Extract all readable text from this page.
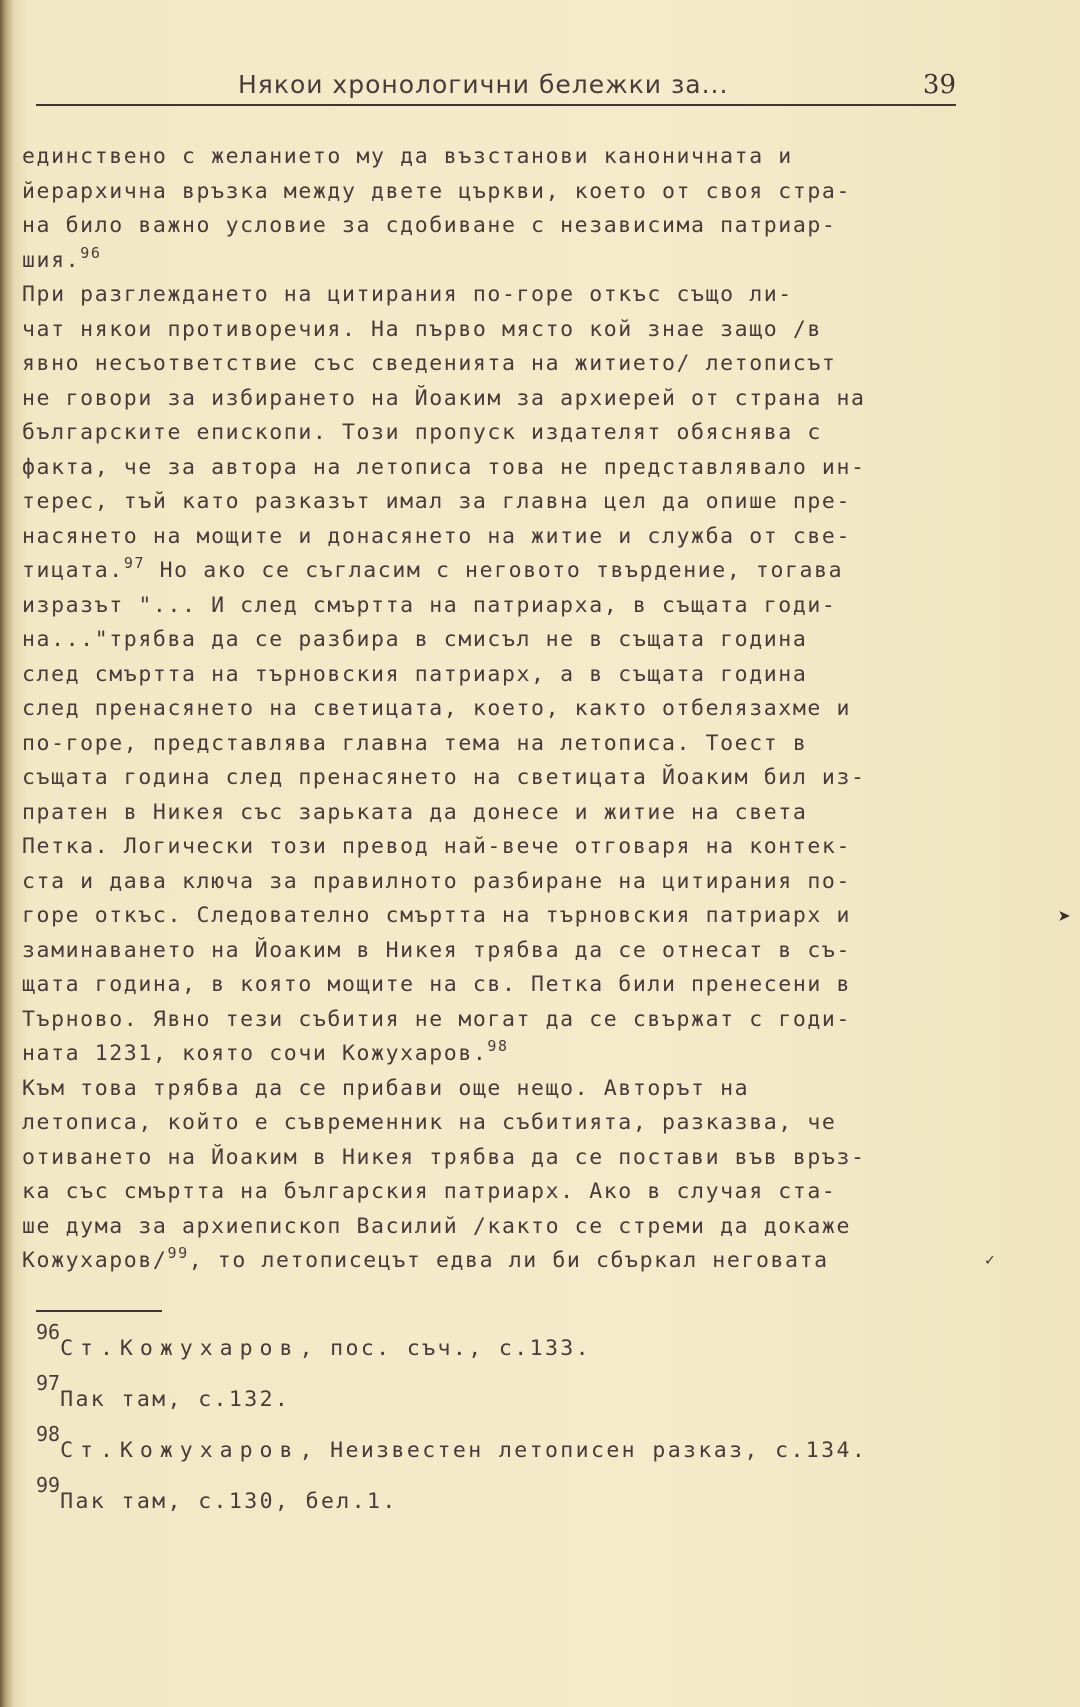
Някои хронологични бележки за...	39
единствено с желанието му да възстанови каноничната и
йерархична връзка между двете църкви, което от своя стра-
на било важно условие за сдобиване с независима патриар-
шия.$^{96}$
При разглеждането на цитирания по-горе откъс също ли-
чат някои противоречия. На първо място кой знае защо /в
явно несъответствие със сведенията на житието/ летописът
не говори за избирането на Йоаким за архиерей от страна на
българските епископи. Този пропуск издателят обяснява с
факта, че за автора на летописа това не представлявало ин-
терес, тъй като разказът имал за главна цел да опише пре-
насянето на мощите и донасянето на житие и служба от све-
тицата.$^{97}$ Но ако се съгласим с неговото твърдение, тогава
изразът "... И след смъртта на патриарха, в същата годи-
на..."трябва да се разбира в смисъл не в същата година
след смъртта на търновския патриарх, а в същата година
след пренасянето на светицата, което, както отбелязахме и
по-горе, представлява главна тема на летописа. Тоест в
същата година след пренасянето на светицата Йоаким бил из-
пратен в Никея със зарьката да донесе и житие на света
Петка. Логически този превод най-вече отговаря на контек-
ста и дава ключа за правилното разбиране на цитирания по-
горе откъс. Следователно смъртта на търновския патриарх и
заминаването на Йоаким в Никея трябва да се отнесат в съ-
щата година, в която мощите на св. Петка били пренесени в
Търново. Явно тези събития не могат да се свържат с годи-
ната 1231, която сочи Кожухаров.$^{98}$
Към това трябва да се прибави още нещо. Авторът на
летописа, който е съвременник на събитията, разказва, че
отиването на Йоаким в Никея трябва да се постави във връз-
ка със смъртта на българския патриарх. Ако в случая ста-
ше дума за архиепископ Василий /както се стреми да докаже
Кожухаров/$^{99}$, то летописецът едва ли би сбъркал неговата
96Ст.Кожухаров, пос. съч., с.133.
97Пак там, с.132.
98Ст.Кожухаров, Неизвестен летописен разказ, с.134.
99Пак там, с.130, бел.1.
➤
✓
